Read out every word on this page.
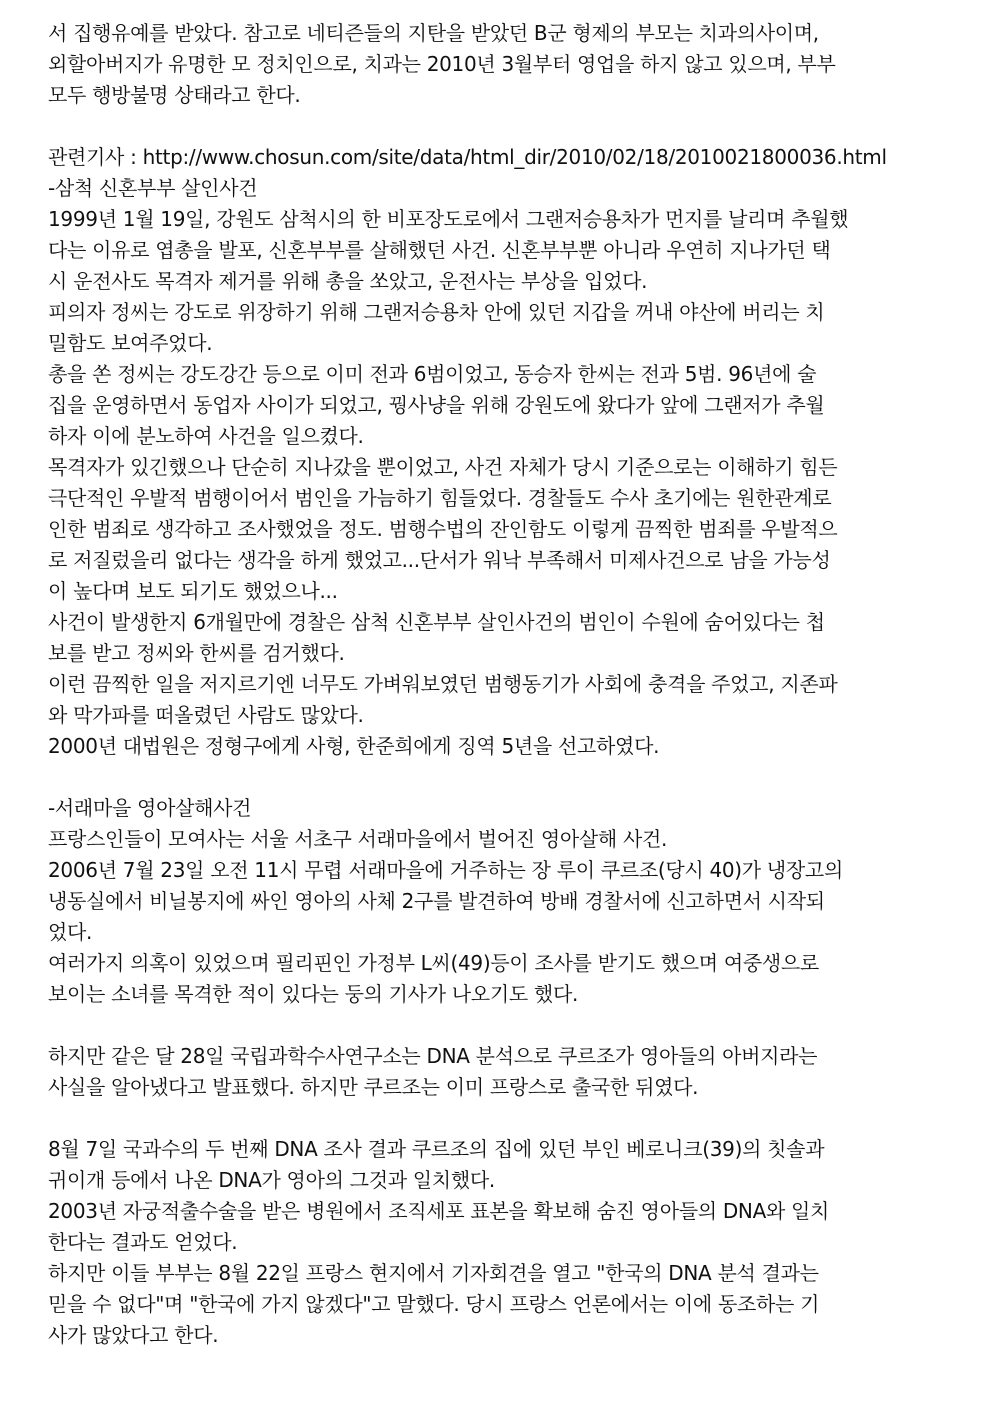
서 집행유예를 받았다. 참고로 네티즌들의 지탄을 받았던 B군 형제의 부모는 치과의사이며,
외할아버지가 유명한 모 정치인으로, 치과는 2010년 3월부터 영업을 하지 않고 있으며, 부부
모두 행방불명 상태라고 한다.
관련기사 : http://www.chosun.com/site/data/html_dir/2010/02/18/2010021800036.html
-삼척 신혼부부 살인사건
1999년 1월 19일, 강원도 삼척시의 한 비포장도로에서 그랜저승용차가 먼지를 날리며 추월했
다는 이유로 엽총을 발포, 신혼부부를 살해했던 사건. 신혼부부뿐 아니라 우연히 지나가던 택
시 운전사도 목격자 제거를 위해 총을 쏘았고, 운전사는 부상을 입었다.
피의자 정씨는 강도로 위장하기 위해 그랜저승용차 안에 있던 지갑을 꺼내 야산에 버리는 치
밀함도 보여주었다.
총을 쏜 정씨는 강도강간 등으로 이미 전과 6범이었고, 동승자 한씨는 전과 5범. 96년에 술
집을 운영하면서 동업자 사이가 되었고, 꿩사냥을 위해 강원도에 왔다가 앞에 그랜저가 추월
하자 이에 분노하여 사건을 일으켰다.
목격자가 있긴했으나 단순히 지나갔을 뿐이었고, 사건 자체가 당시 기준으로는 이해하기 힘든
극단적인 우발적 범행이어서 범인을 가늠하기 힘들었다. 경찰들도 수사 초기에는 원한관계로
인한 범죄로 생각하고 조사했었을 정도. 범행수법의 잔인함도 이렇게 끔찍한 범죄를 우발적으
로 저질렀을리 없다는 생각을 하게 했었고...단서가 워낙 부족해서 미제사건으로 남을 가능성
이 높다며 보도 되기도 했었으나...
사건이 발생한지 6개월만에 경찰은 삼척 신혼부부 살인사건의 범인이 수원에 숨어있다는 첩
보를 받고 정씨와 한씨를 검거했다.
이런 끔찍한 일을 저지르기엔 너무도 가벼워보였던 범행동기가 사회에 충격을 주었고, 지존파
와 막가파를 떠올렸던 사람도 많았다.
2000년 대법원은 정형구에게 사형, 한준희에게 징역 5년을 선고하였다.
-서래마을 영아살해사건
프랑스인들이 모여사는 서울 서초구 서래마을에서 벌어진 영아살해 사건.
2006년 7월 23일 오전 11시 무렵 서래마을에 거주하는 장 루이 쿠르조(당시 40)가 냉장고의
냉동실에서 비닐봉지에 싸인 영아의 사체 2구를 발견하여 방배 경찰서에 신고하면서 시작되
었다.
여러가지 의혹이 있었으며 필리핀인 가정부 L씨(49)등이 조사를 받기도 했으며 여중생으로
보이는 소녀를 목격한 적이 있다는 둥의 기사가 나오기도 했다.
하지만 같은 달 28일 국립과학수사연구소는 DNA 분석으로 쿠르조가 영아들의 아버지라는
사실을 알아냈다고 발표했다. 하지만 쿠르조는 이미 프랑스로 출국한 뒤였다.
8월 7일 국과수의 두 번째 DNA 조사 결과 쿠르조의 집에 있던 부인 베로니크(39)의 칫솔과
귀이개 등에서 나온 DNA가 영아의 그것과 일치했다.
2003년 자궁적출수술을 받은 병원에서 조직세포 표본을 확보해 숨진 영아들의 DNA와 일치
한다는 결과도 얻었다.
하지만 이들 부부는 8월 22일 프랑스 현지에서 기자회견을 열고 "한국의 DNA 분석 결과는
믿을 수 없다"며 "한국에 가지 않겠다"고 말했다. 당시 프랑스 언론에서는 이에 동조하는 기
사가 많았다고 한다.
